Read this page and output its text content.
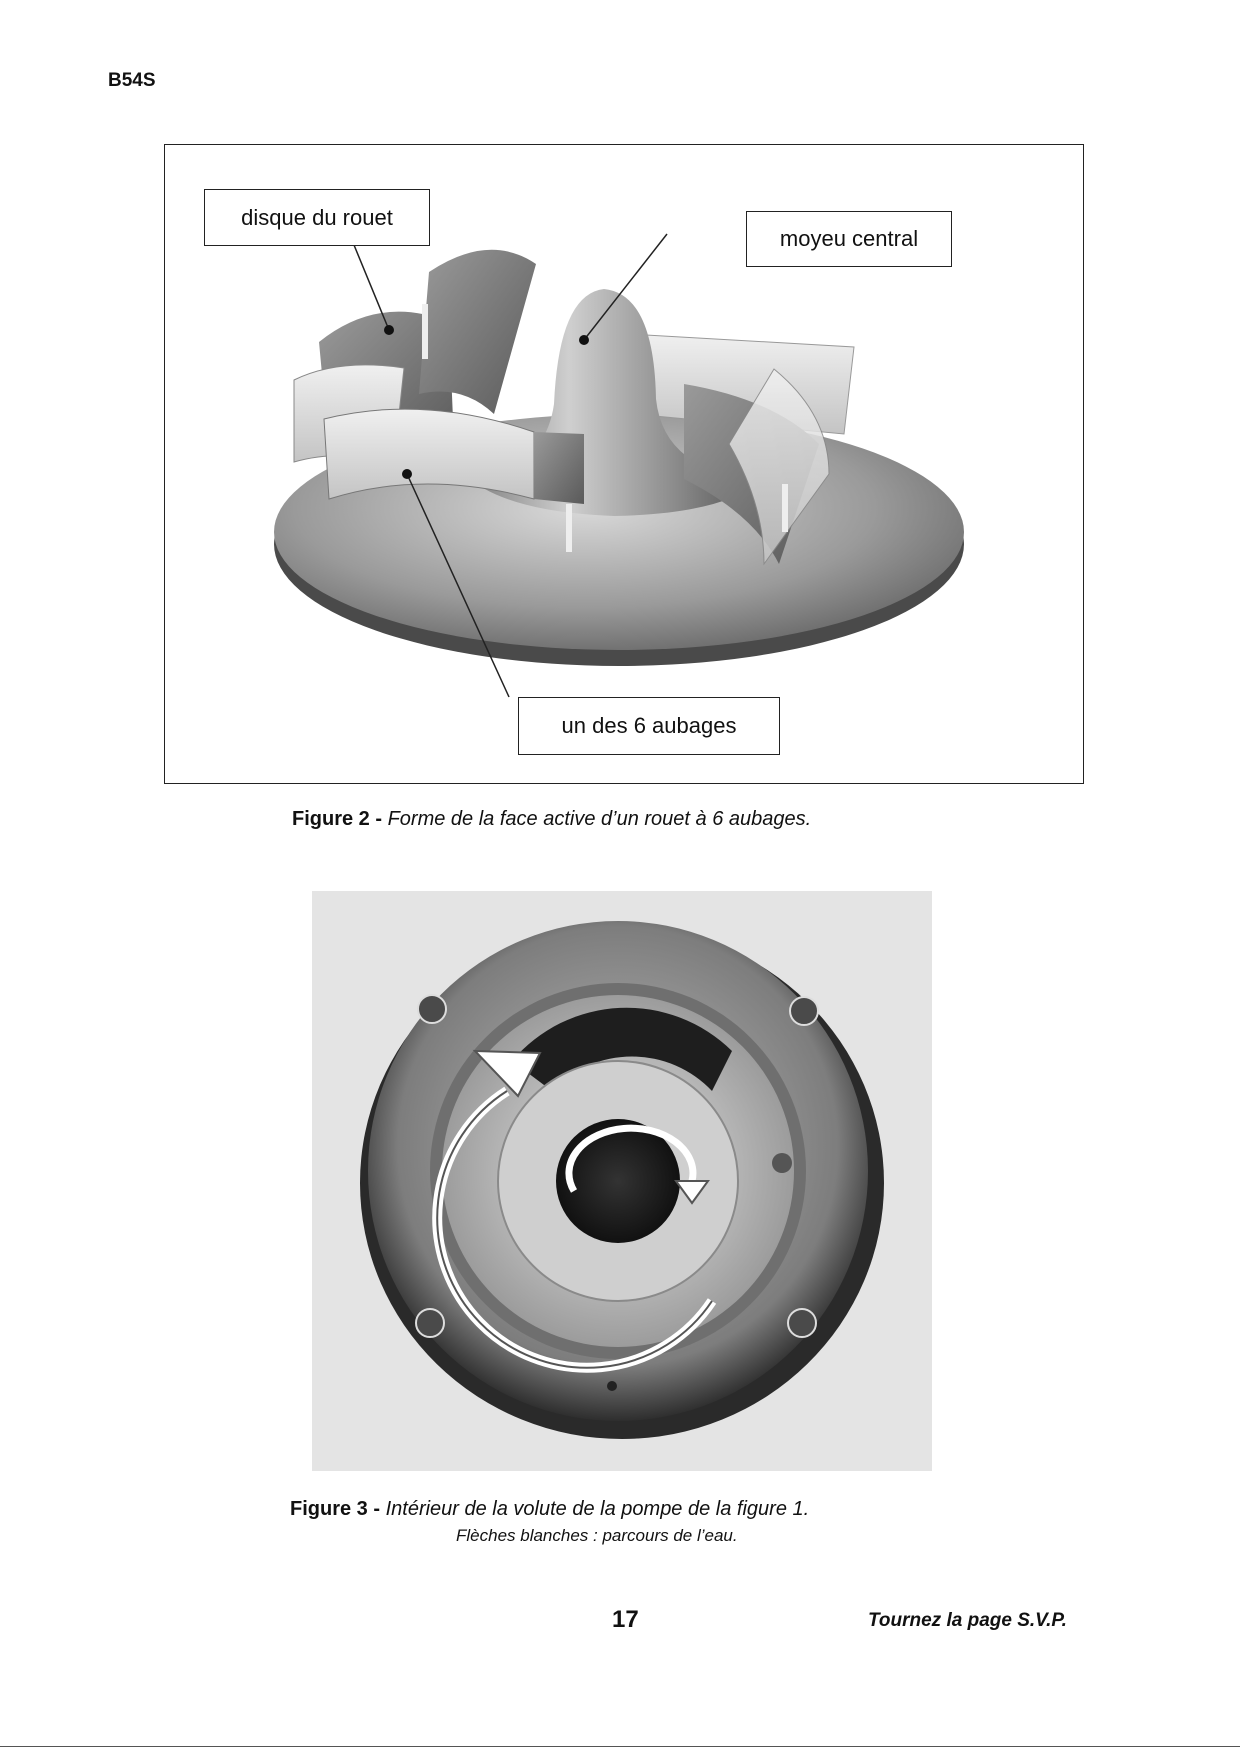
B54S
disque du rouet
moyeu central
un des 6 aubages
Figure 2 - Forme de la face active d’un rouet à 6 aubages.
Figure 3 - Intérieur de la volute de la pompe de la figure 1.
Flèches blanches : parcours de l’eau.
17	Tournez la page S.V.P.
